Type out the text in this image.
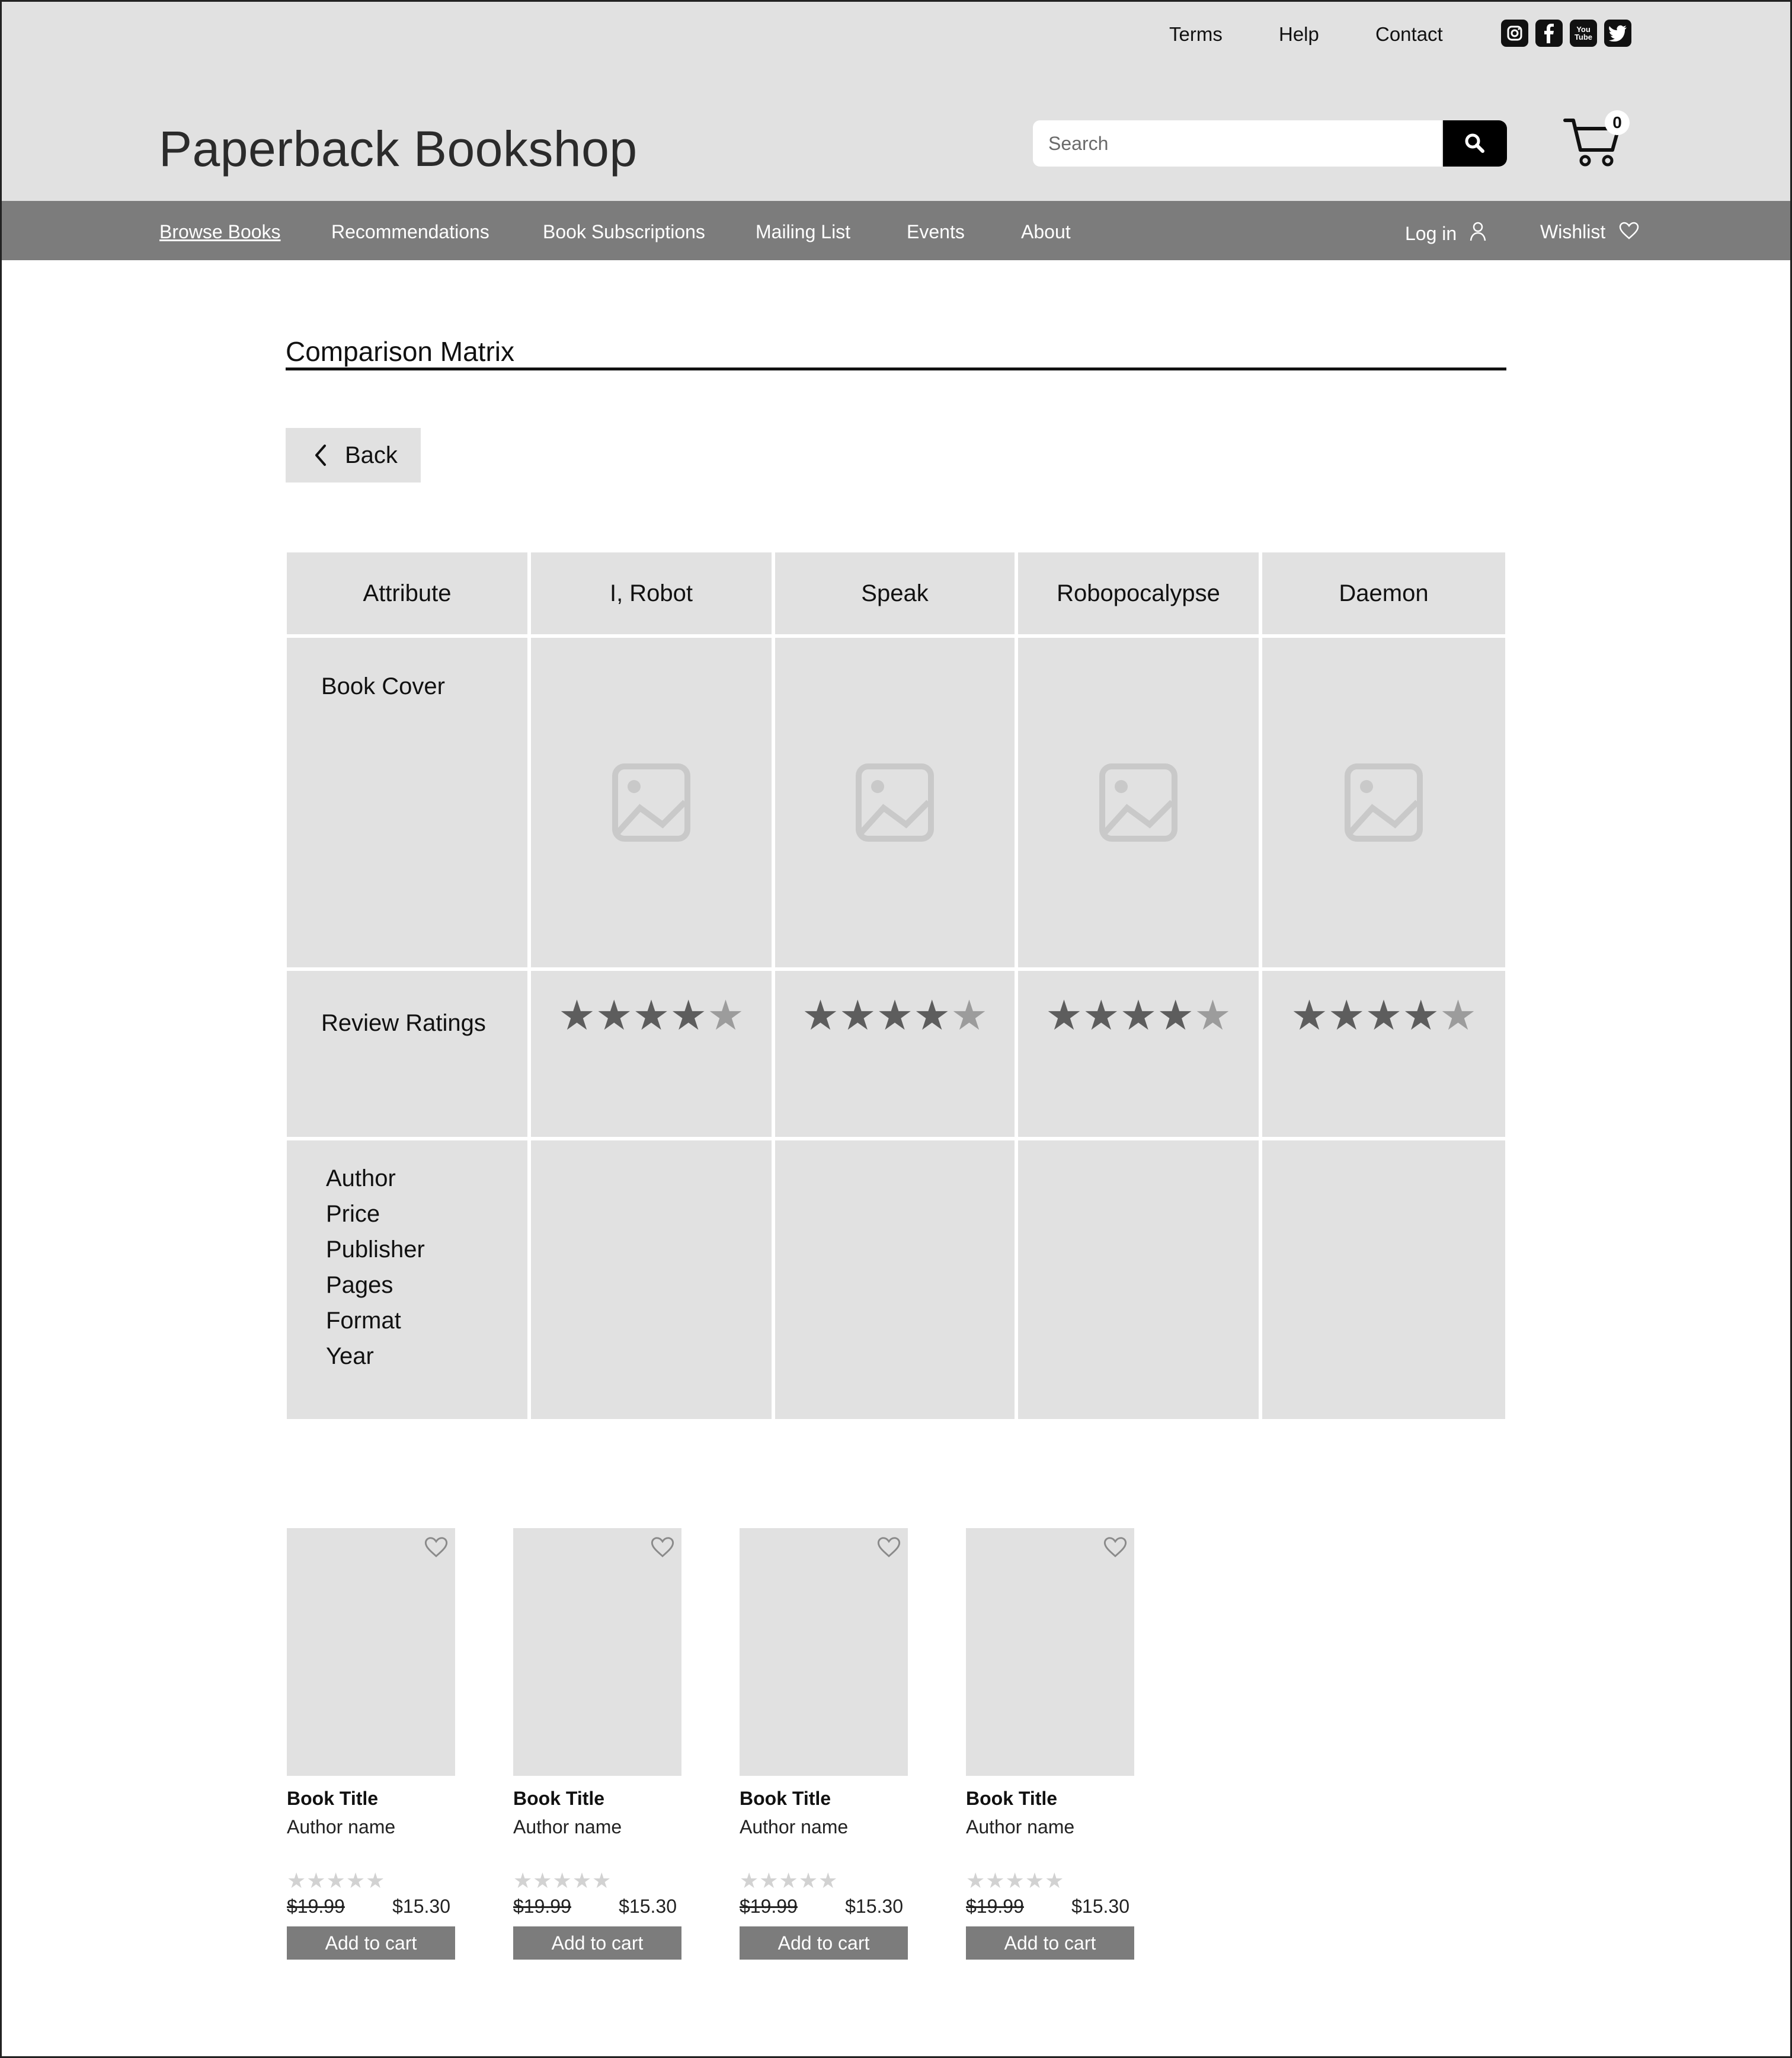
Terms	Help	Contact	You Tube
Paperback Bookshop
Search	0
Browse Books	Recommendations	Book Subscriptions	Mailing List	Events	About	Log in	Wishlist
Comparison Matrix
Back
Attribute	I, Robot	Speak	Robopocalypse	Daemon
Book Cover
Review Ratings	★★★★★	★★★★★	★★★★★	★★★★★
Author
Price
Publisher
Pages
Format
Year
Book Title
Author name
★★★★★
$19.99	$15.30
Add to cart
Book Title
Author name
★★★★★
$19.99	$15.30
Add to cart
Book Title
Author name
★★★★★
$19.99	$15.30
Add to cart
Book Title
Author name
★★★★★
$19.99	$15.30
Add to cart
